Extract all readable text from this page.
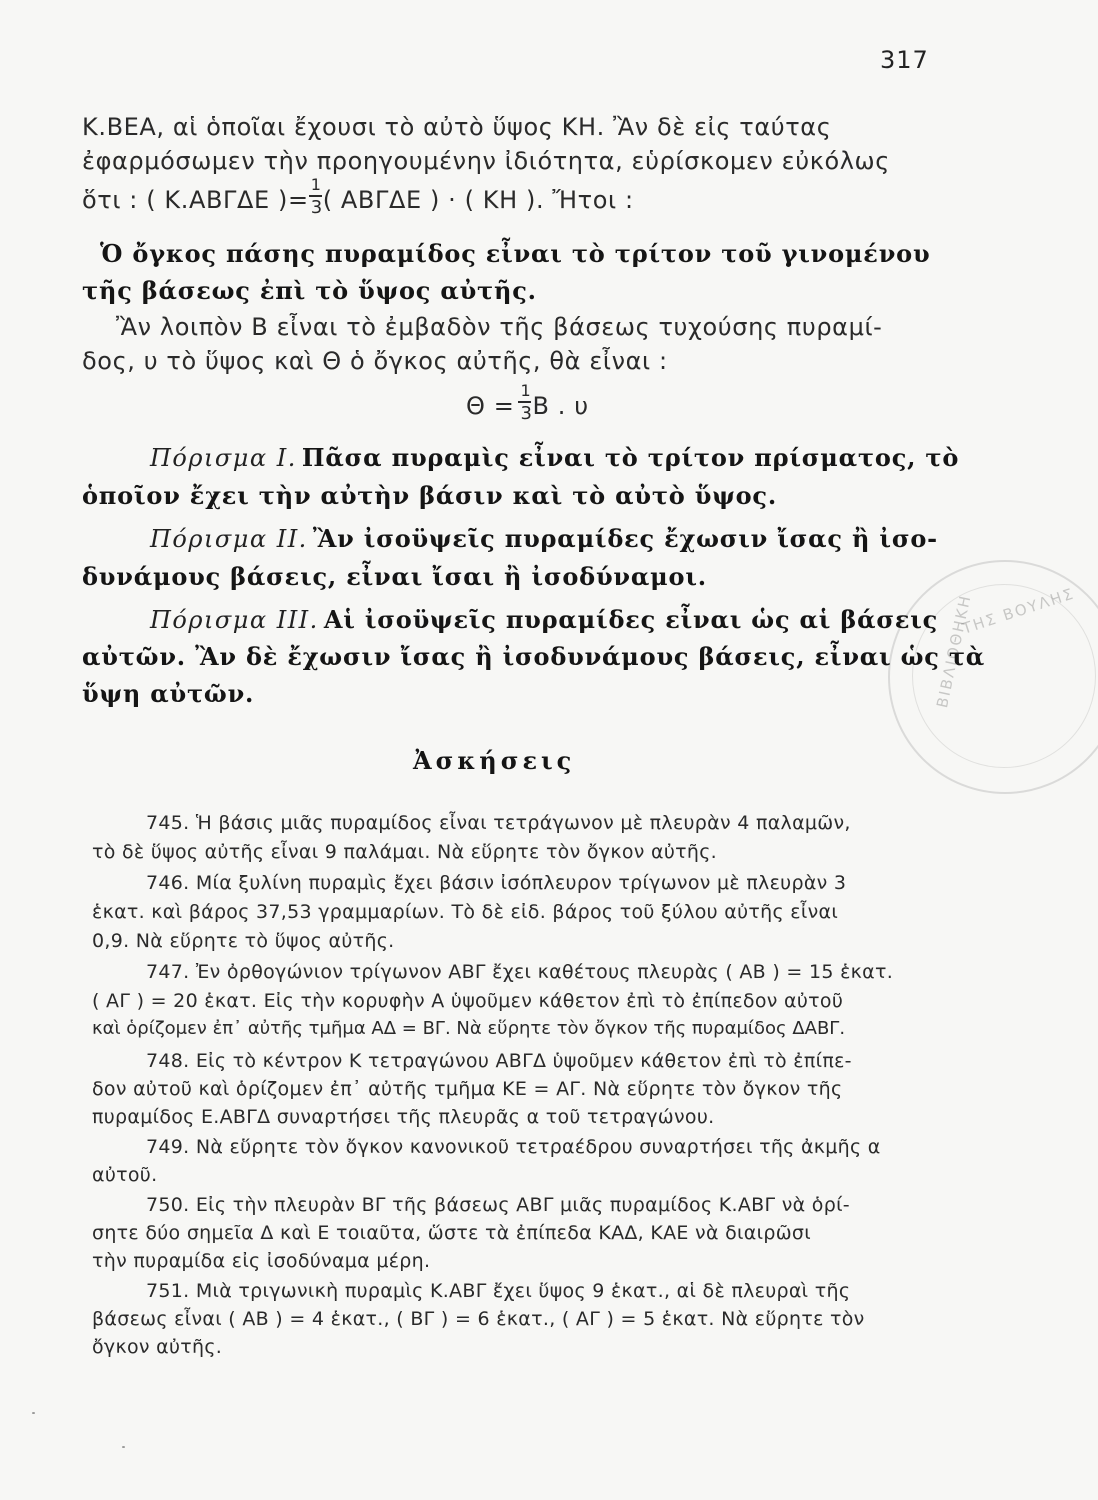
ΤΗΣ ΒΟΥΛΗΣ
ΒΙΒΛΙΟΘΗΚΗ
317
Κ.ΒΕΑ, αἱ ὁποῖαι ἔχουσι τὸ αὐτὸ ὕψος ΚΗ. Ἂν δὲ εἰς ταύτας
ἐφαρμόσωμεν τὴν προηγουμένην ἰδιότητα, εὑρίσκομεν εὐκόλως
ὅτι : ( Κ.ΑΒΓΔΕ )= $\frac{1}{3}$ ( ΑΒΓΔΕ ) · ( ΚΗ ). Ἤτοι :
Ὁ ὄγκος πάσης πυραμίδος εἶναι τὸ τρίτον τοῦ γινομένου
τῆς βάσεως ἐπὶ τὸ ὕψος αὐτῆς.
Ἂν λοιπὸν Β εἶναι τὸ ἐμβαδὸν τῆς βάσεως τυχούσης πυραμί-
δος, υ τὸ ὕψος καὶ Θ ὁ ὄγκος αὐτῆς, θὰ εἶναι :
$\Theta = \frac{1}{3}$ Β . υ
Πόρισμα Ι. Πᾶσα πυραμὶς εἶναι τὸ τρίτον πρίσματος, τὸ
ὁποῖον ἔχει τὴν αὐτὴν βάσιν καὶ τὸ αὐτὸ ὕψος.
Πόρισμα ΙΙ. Ἂν ἰσοϋψεῖς πυραμίδες ἔχωσιν ἴσας ἢ ἰσο-
δυνάμους βάσεις, εἶναι ἴσαι ἢ ἰσοδύναμοι.
Πόρισμα ΙΙΙ. Αἱ ἰσοϋψεῖς πυραμίδες εἶναι ὡς αἱ βάσεις
αὐτῶν. Ἂν δὲ ἔχωσιν ἴσας ἢ ἰσοδυνάμους βάσεις, εἶναι ὡς τὰ
ὕψη αὐτῶν.
Ἀσκήσεις
745. Ἡ βάσις μιᾶς πυραμίδος εἶναι τετράγωνον μὲ πλευρὰν 4 παλαμῶν,
τὸ δὲ ὕψος αὐτῆς εἶναι 9 παλάμαι. Νὰ εὕρητε τὸν ὄγκον αὐτῆς.
746. Μία ξυλίνη πυραμὶς ἔχει βάσιν ἰσόπλευρον τρίγωνον μὲ πλευρὰν 3
ἑκατ. καὶ βάρος 37,53 γραμμαρίων. Τὸ δὲ εἰδ. βάρος τοῦ ξύλου αὐτῆς εἶναι
0,9. Νὰ εὕρητε τὸ ὕψος αὐτῆς.
747. Ἐν ὀρθογώνιον τρίγωνον ΑΒΓ ἔχει καθέτους πλευρὰς ( ΑΒ ) = 15 ἑκατ.
( ΑΓ ) = 20 ἑκατ. Εἰς τὴν κορυφὴν Α ὑψοῦμεν κάθετον ἐπὶ τὸ ἐπίπεδον αὐτοῦ
καὶ ὁρίζομεν ἐπ᾽ αὐτῆς τμῆμα ΑΔ = ΒΓ. Νὰ εὕρητε τὸν ὄγκον τῆς πυραμίδος ΔΑΒΓ.
748. Εἰς τὸ κέντρον Κ τετραγώνου ΑΒΓΔ ὑψοῦμεν κάθετον ἐπὶ τὸ ἐπίπε-
δον αὐτοῦ καὶ ὁρίζομεν ἐπ᾽ αὐτῆς τμῆμα ΚΕ = ΑΓ. Νὰ εὕρητε τὸν ὄγκον τῆς
πυραμίδος Ε.ΑΒΓΔ συναρτήσει τῆς πλευρᾶς α τοῦ τετραγώνου.
749. Νὰ εὕρητε τὸν ὄγκον κανονικοῦ τετραέδρου συναρτήσει τῆς ἀκμῆς α
αὐτοῦ.
750. Εἰς τὴν πλευρὰν ΒΓ τῆς βάσεως ΑΒΓ μιᾶς πυραμίδος Κ.ΑΒΓ νὰ ὁρί-
σητε δύο σημεῖα Δ καὶ Ε τοιαῦτα, ὥστε τὰ ἐπίπεδα ΚΑΔ, ΚΑΕ νὰ διαιρῶσι
τὴν πυραμίδα εἰς ἰσοδύναμα μέρη.
751. Μιὰ τριγωνικὴ πυραμὶς Κ.ΑΒΓ ἔχει ὕψος 9 ἑκατ., αἱ δὲ πλευραὶ τῆς
βάσεως εἶναι ( ΑΒ ) = 4 ἑκατ., ( ΒΓ ) = 6 ἑκατ., ( ΑΓ ) = 5 ἑκατ. Νὰ εὕρητε τὸν
ὄγκον αὐτῆς.
